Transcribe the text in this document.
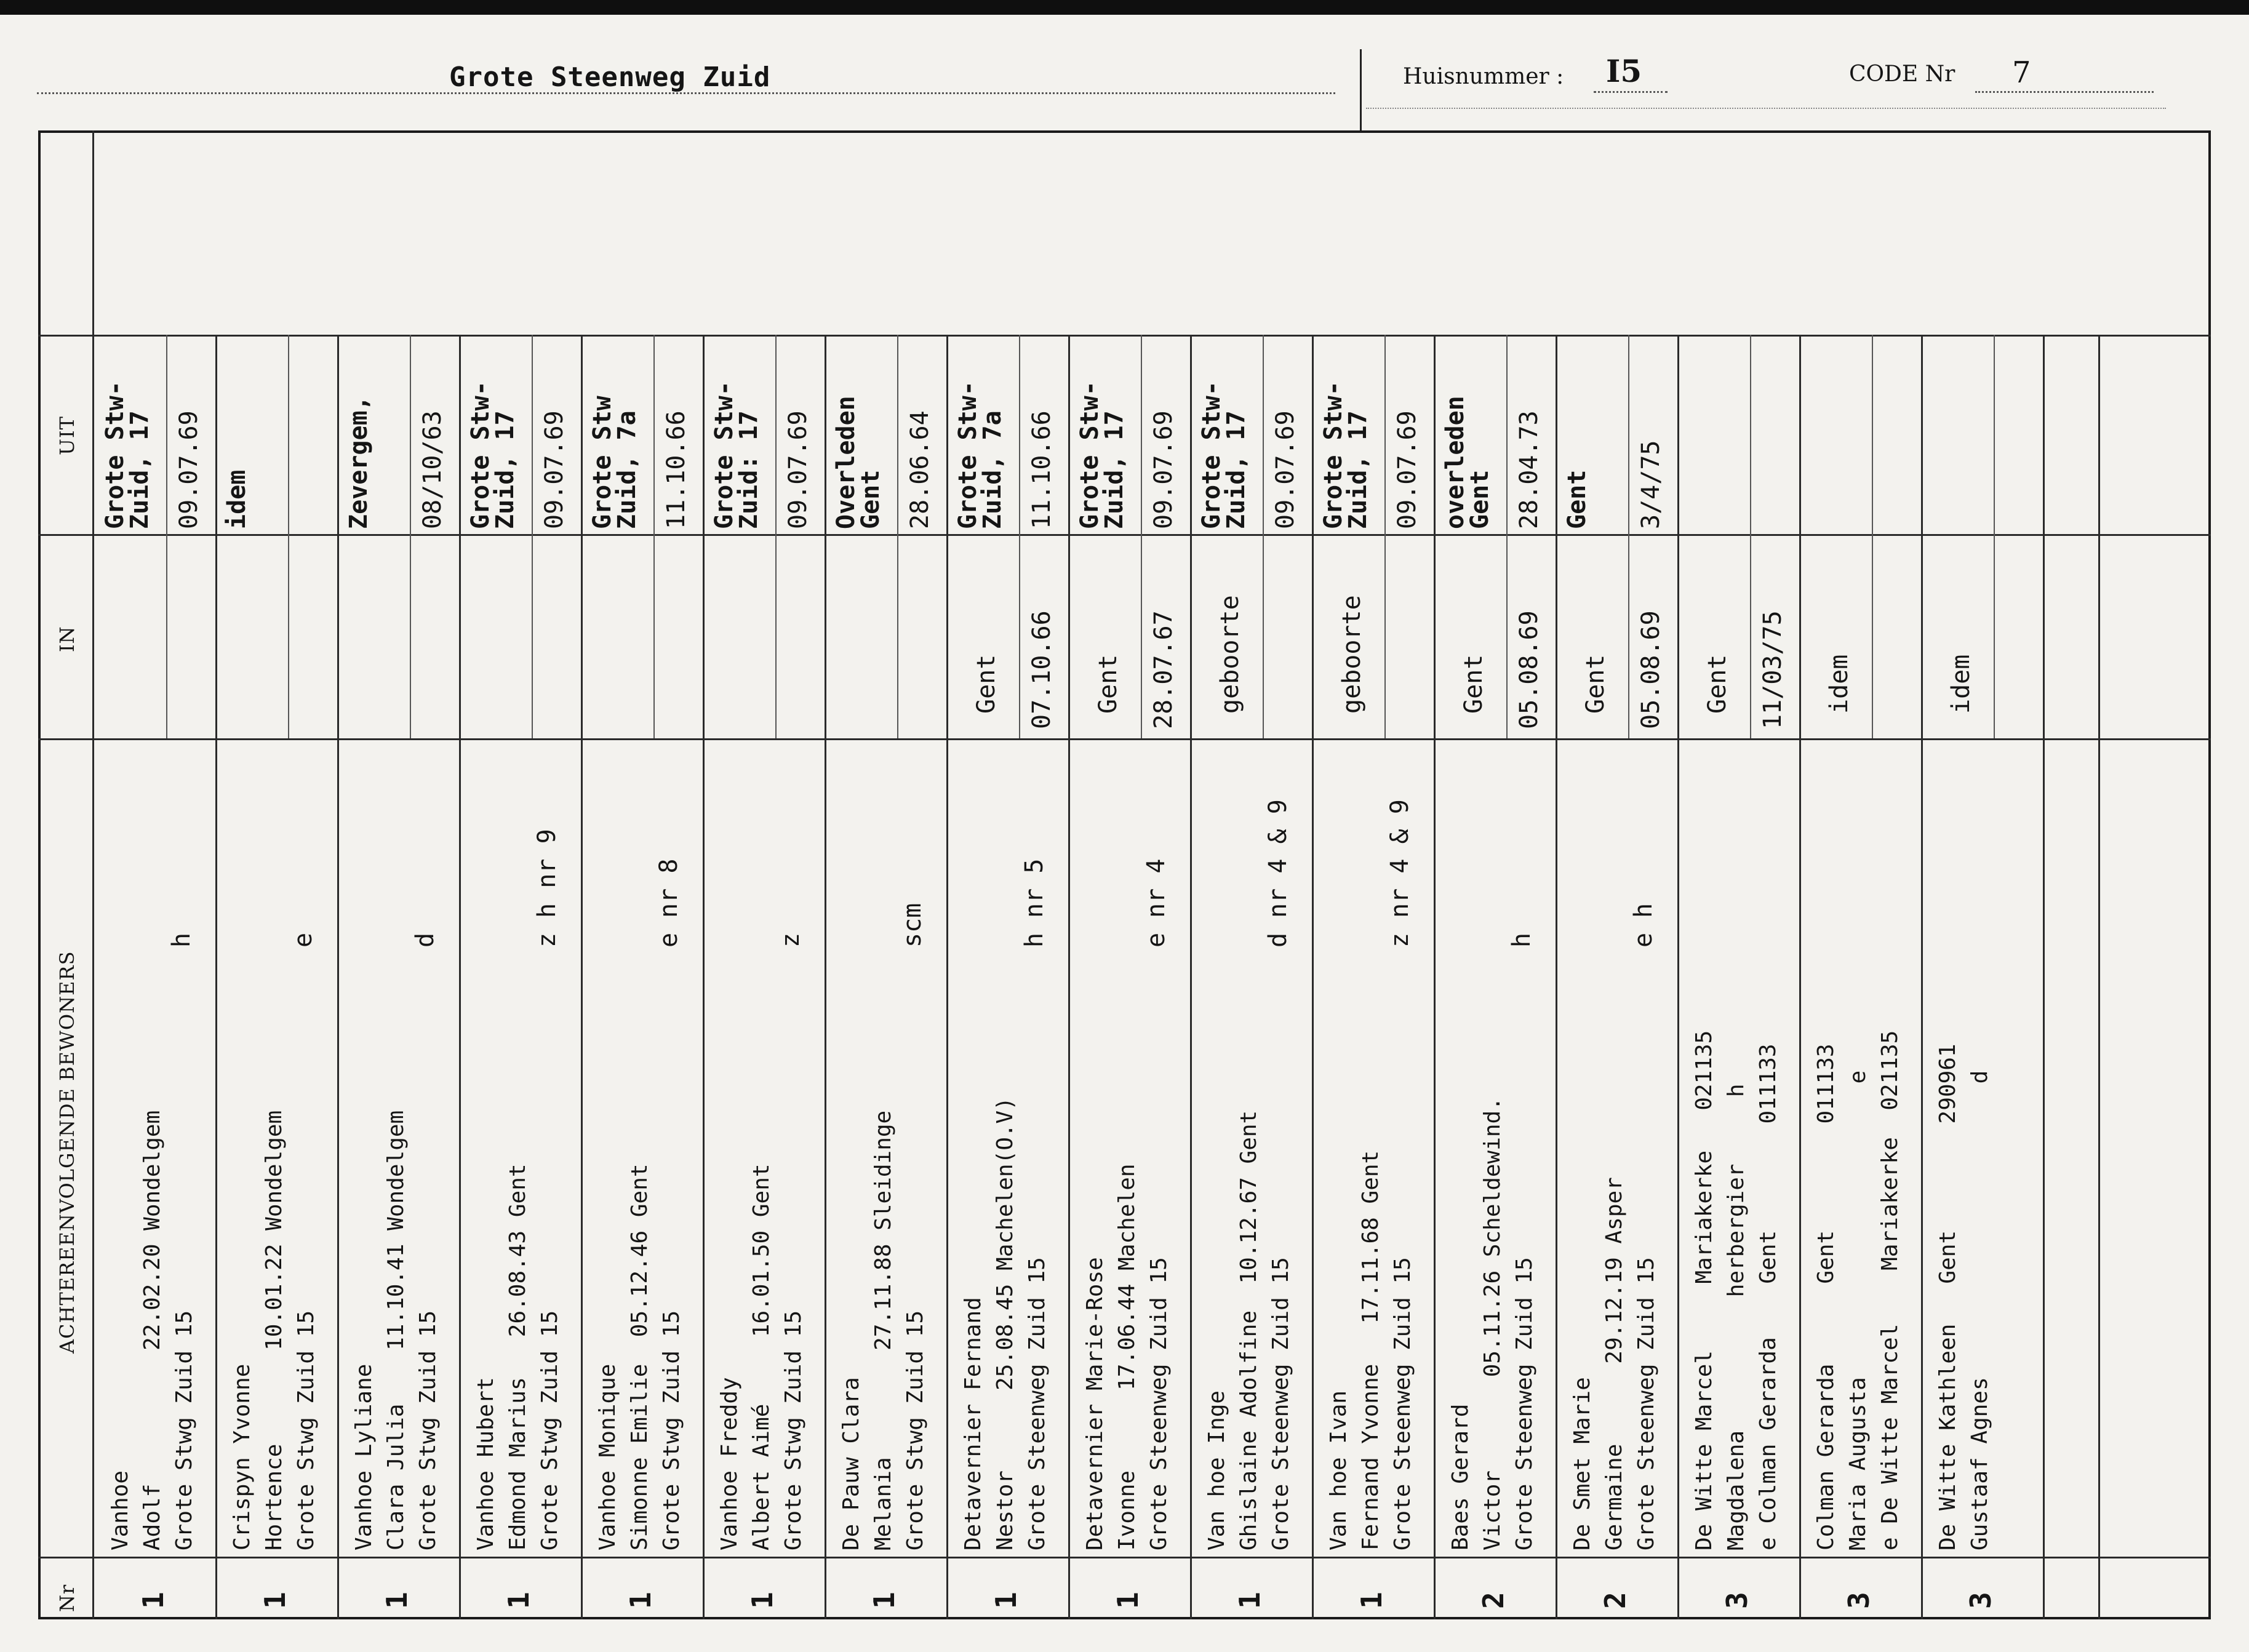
Grote Steenweg Zuid	Huisnummer : I5	CODE Nr 7
Nr
ACHTEREENVOLGENDE BEWONERS
IN
UIT
1
Vanhoe Adolf          22.02.20 Wondelgem Grote Stwg Zuid 15
h
Grote Stw-
Zuid, 17 09.07.69
1
Crispyn Yvonne Hortence       10.01.22 Wondelgem Grote Stwg Zuid 15
e
idem
1
Vanhoe Lyliane Clara Julia    11.10.41 Wondelgem Grote Stwg Zuid 15
d
Zevergem, 08/10/63
1
Vanhoe Hubert Edmond Marius   26.08.43 Gent Grote Stwg Zuid 15
z h nr 9
Grote Stw-
Zuid, 17 09.07.69
1
Vanhoe Monique Simonne Emilie  05.12.46 Gent Grote Stwg Zuid 15
e nr 8
Grote Stw
Zuid, 7a 11.10.66
1
Vanhoe Freddy Albert Aimé     16.01.50 Gent Grote Stwg Zuid 15
z
Grote Stw-
Zuid: 17 09.07.69
1
De Pauw Clara Melania        27.11.88 Sleidinge Grote Stwg Zuid 15
scm
Overleden
Gent 28.06.64
1
Detavernier Fernand Nestor      25.08.45 Machelen(O.V) Grote Steenweg Zuid 15
h nr 5
Gent 07.10.66
Grote Stw-
Zuid, 7a 11.10.66
1
Detavernier Marie-Rose Ivonne      17.06.44 Machelen Grote Steenweg Zuid 15
e nr 4
Gent 28.07.67
Grote Stw-
Zuid, 17 09.07.69
1
Van hoe Inge Ghislaine Adolfine  10.12.67 Gent Grote Steenweg Zuid 15
d nr 4 & 9
geboorte
Grote Stw-
Zuid, 17 09.07.69
1
Van hoe Ivan Fernand Yvonne   17.11.68 Gent Grote Steenweg Zuid 15
z nr 4 & 9
geboorte
Grote Stw-
Zuid, 17 09.07.69
2
Baes Gerard Victor       05.11.26 Scheldewind. Grote Steenweg Zuid 15
h
Gent 05.08.69
overleden
Gent 28.04.73
2
De Smet Marie Germaine      29.12.19 Asper Grote Steenweg Zuid 15
e h
Gent 05.08.69
Gent 3/4/75
3
De Witte Marcel     Mariakerke   021135 Magdalena          herbergier     h e Colman Gerarda    Gent        011133
Gent 11/03/75
3
Colman Gerarda      Gent        011133 Maria Augusta                      e e De Witte Marcel    Mariakerke  021135
idem
3
De Witte Kathleen   Gent        290961 Gustaaf Agnes                      d
idem
